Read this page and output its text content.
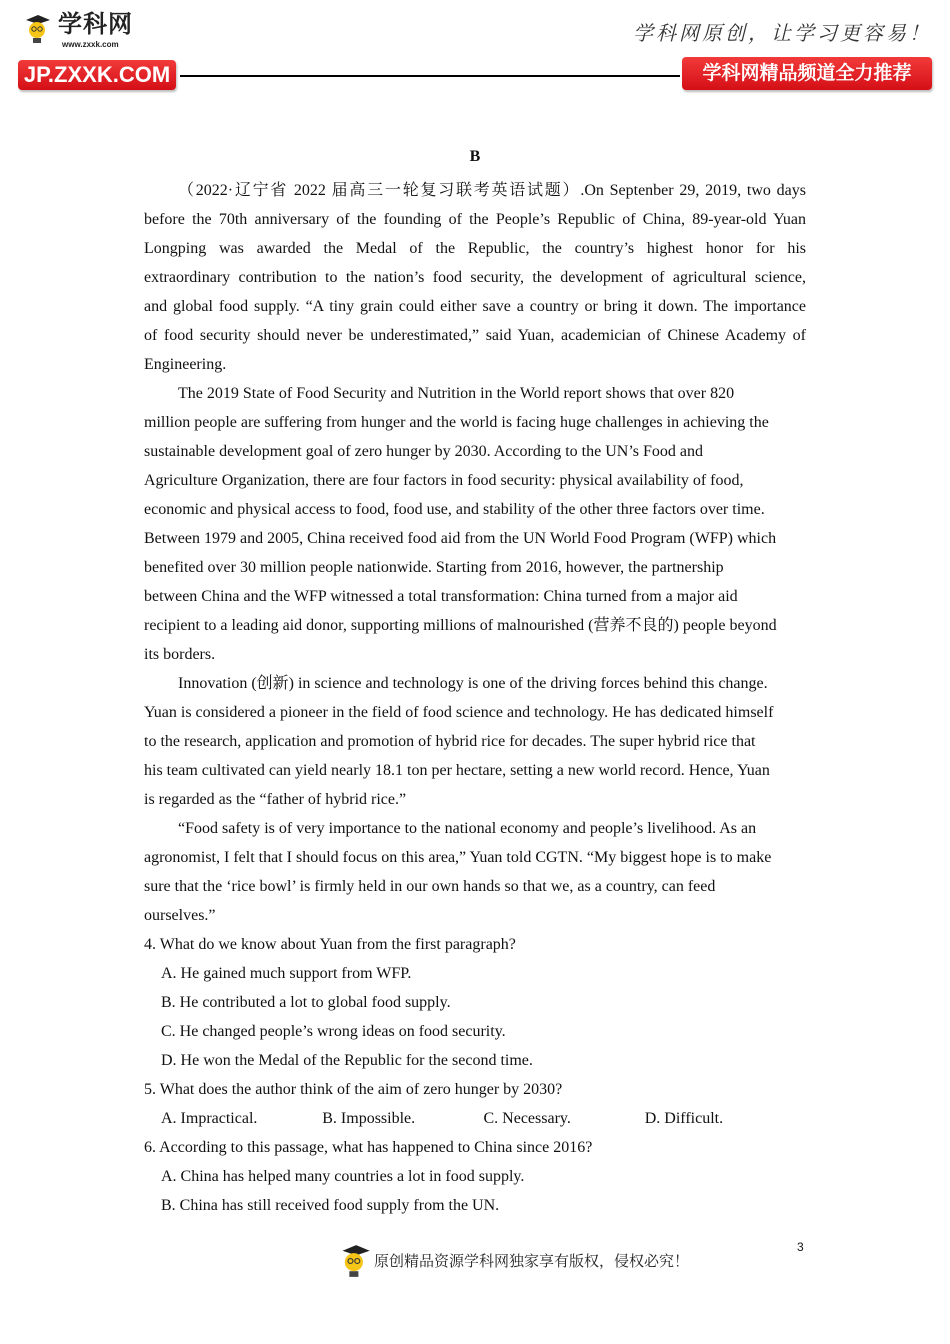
学科网
www.zxxk.com
JP.ZXXK.COM
学科网原创，让学习更容易！
学科网精品频道全力推荐
B
（2022·辽宁省 2022 届高三一轮复习联考英语试题）.On Septenber 29, 2019, two days
before the 70th anniversary of the founding of the People’s Republic of China, 89-year-old Yuan
Longping was awarded the Medal of the Republic, the country’s highest honor for his
extraordinary contribution to the nation’s food security, the development of agricultural science,
and global food supply. “A tiny grain could either save a country or bring it down. The importance
of food security should never be underestimated,” said Yuan, academician of Chinese Academy of
Engineering.
The 2019 State of Food Security and Nutrition in the World report shows that over 820
million people are suffering from hunger and the world is facing huge challenges in achieving the
sustainable development goal of zero hunger by 2030. According to the UN’s Food and
Agriculture Organization, there are four factors in food security: physical availability of food,
economic and physical access to food, food use, and stability of the other three factors over time.
Between 1979 and 2005, China received food aid from the UN World Food Program (WFP) which
benefited over 30 million people nationwide. Starting from 2016, however, the partnership
between China and the WFP witnessed a total transformation: China turned from a major aid
recipient to a leading aid donor, supporting millions of malnourished (营养不良的) people beyond
its borders.
Innovation (创新) in science and technology is one of the driving forces behind this change.
Yuan is considered a pioneer in the field of food science and technology. He has dedicated himself
to the research, application and promotion of hybrid rice for decades. The super hybrid rice that
his team cultivated can yield nearly 18.1 ton per hectare, setting a new world record. Hence, Yuan
is regarded as the “father of hybrid rice.”
“Food safety is of very importance to the national economy and people’s livelihood. As an
agronomist, I felt that I should focus on this area,” Yuan told CGTN. “My biggest hope is to make
sure that the ‘rice bowl’ is firmly held in our own hands so that we, as a country, can feed
ourselves.”
4. What do we know about Yuan from the first paragraph?
A. He gained much support from WFP.
B. He contributed a lot to global food supply.
C. He changed people’s wrong ideas on food security.
D. He won the Medal of the Republic for the second time.
5. What does the author think of the aim of zero hunger by 2030?
A. Impractical.	B. Impossible.	C. Necessary.	D. Difficult.
6. According to this passage, what has happened to China since 2016?
A. China has helped many countries a lot in food supply.
B. China has still received food supply from the UN.
原创精品资源学科网独家享有版权，侵权必究！
3
